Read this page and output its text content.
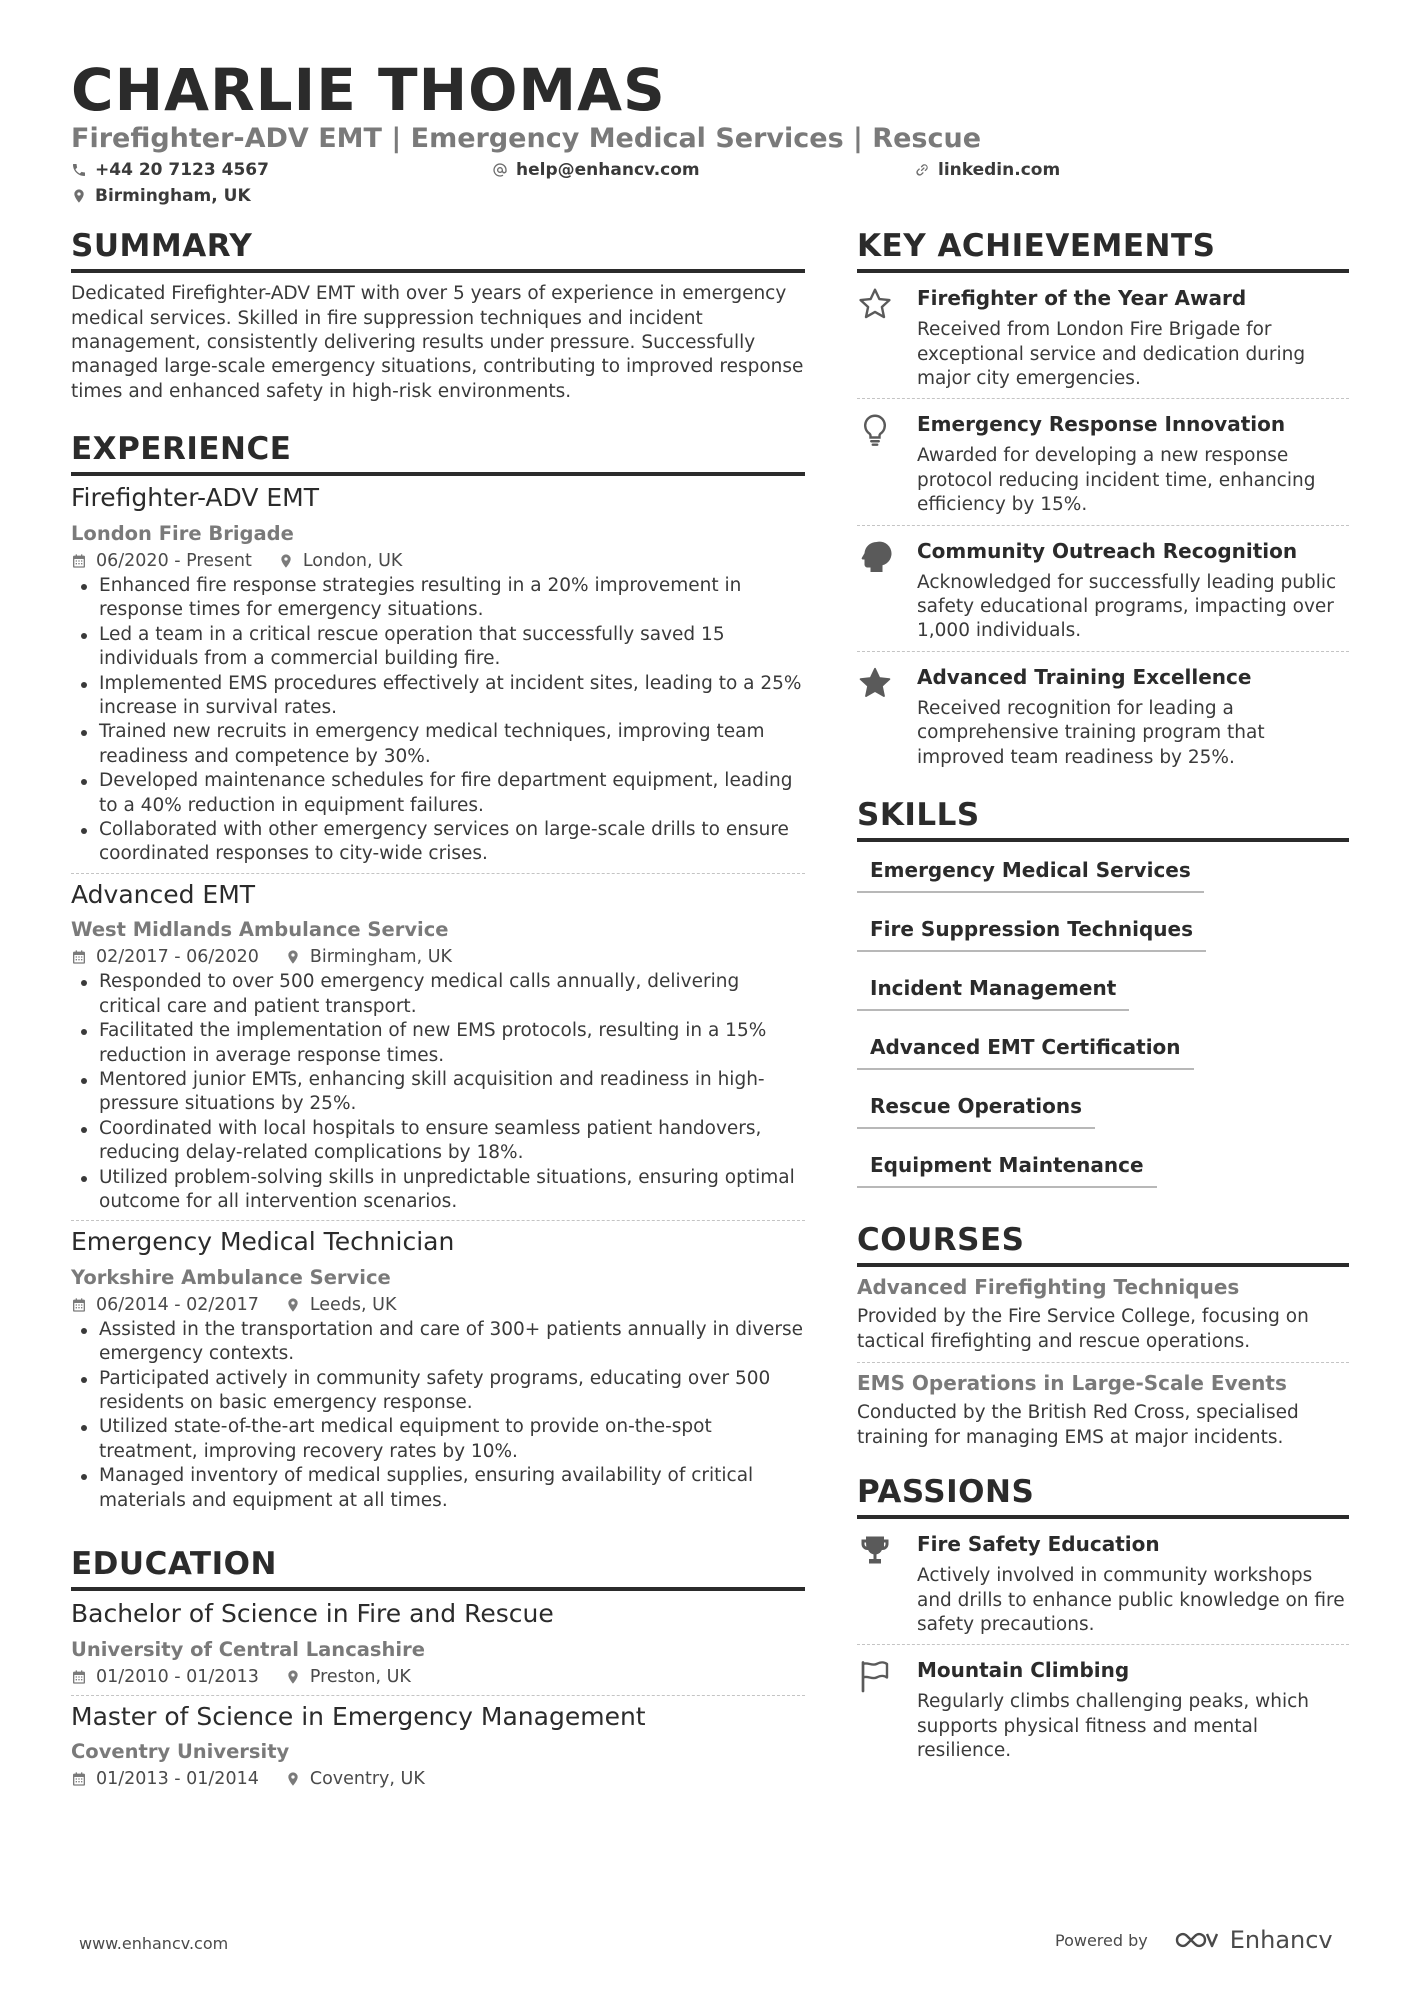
CHARLIE THOMAS
Firefighter-ADV EMT | Emergency Medical Services | Rescue
+44 20 7123 4567	help@enhancv.com	linkedin.com
Birmingham, UK
SUMMARY
Dedicated Firefighter-ADV EMT with over 5 years of experience in emergency medical services. Skilled in fire suppression techniques and incident management, consistently delivering results under pressure. Successfully managed large-scale emergency situations, contributing to improved response times and enhanced safety in high-risk environments.
EXPERIENCE
Firefighter-ADV EMT
London Fire Brigade
06/2020 - Present	London, UK
Enhanced fire response strategies resulting in a 20% improvement in response times for emergency situations.
Led a team in a critical rescue operation that successfully saved 15 individuals from a commercial building fire.
Implemented EMS procedures effectively at incident sites, leading to a 25% increase in survival rates.
Trained new recruits in emergency medical techniques, improving team readiness and competence by 30%.
Developed maintenance schedules for fire department equipment, leading to a 40% reduction in equipment failures.
Collaborated with other emergency services on large-scale drills to ensure coordinated responses to city-wide crises.
Advanced EMT
West Midlands Ambulance Service
02/2017 - 06/2020	Birmingham, UK
Responded to over 500 emergency medical calls annually, delivering critical care and patient transport.
Facilitated the implementation of new EMS protocols, resulting in a 15% reduction in average response times.
Mentored junior EMTs, enhancing skill acquisition and readiness in high-pressure situations by 25%.
Coordinated with local hospitals to ensure seamless patient handovers, reducing delay-related complications by 18%.
Utilized problem-solving skills in unpredictable situations, ensuring optimal outcome for all intervention scenarios.
Emergency Medical Technician
Yorkshire Ambulance Service
06/2014 - 02/2017	Leeds, UK
Assisted in the transportation and care of 300+ patients annually in diverse emergency contexts.
Participated actively in community safety programs, educating over 500 residents on basic emergency response.
Utilized state-of-the-art medical equipment to provide on-the-spot treatment, improving recovery rates by 10%.
Managed inventory of medical supplies, ensuring availability of critical materials and equipment at all times.
EDUCATION
Bachelor of Science in Fire and Rescue
University of Central Lancashire
01/2010 - 01/2013	Preston, UK
Master of Science in Emergency Management
Coventry University
01/2013 - 01/2014	Coventry, UK
KEY ACHIEVEMENTS
Firefighter of the Year Award
Received from London Fire Brigade for exceptional service and dedication during major city emergencies.
Emergency Response Innovation
Awarded for developing a new response protocol reducing incident time, enhancing efficiency by 15%.
Community Outreach Recognition
Acknowledged for successfully leading public safety educational programs, impacting over 1,000 individuals.
Advanced Training Excellence
Received recognition for leading a comprehensive training program that improved team readiness by 25%.
SKILLS
Emergency Medical Services
Fire Suppression Techniques
Incident Management
Advanced EMT Certification
Rescue Operations
Equipment Maintenance
COURSES
Advanced Firefighting Techniques
Provided by the Fire Service College, focusing on tactical firefighting and rescue operations.
EMS Operations in Large-Scale Events
Conducted by the British Red Cross, specialised training for managing EMS at major incidents.
PASSIONS
Fire Safety Education
Actively involved in community workshops and drills to enhance public knowledge on fire safety precautions.
Mountain Climbing
Regularly climbs challenging peaks, which supports physical fitness and mental resilience.
www.enhancv.com	Powered by	Enhancv
